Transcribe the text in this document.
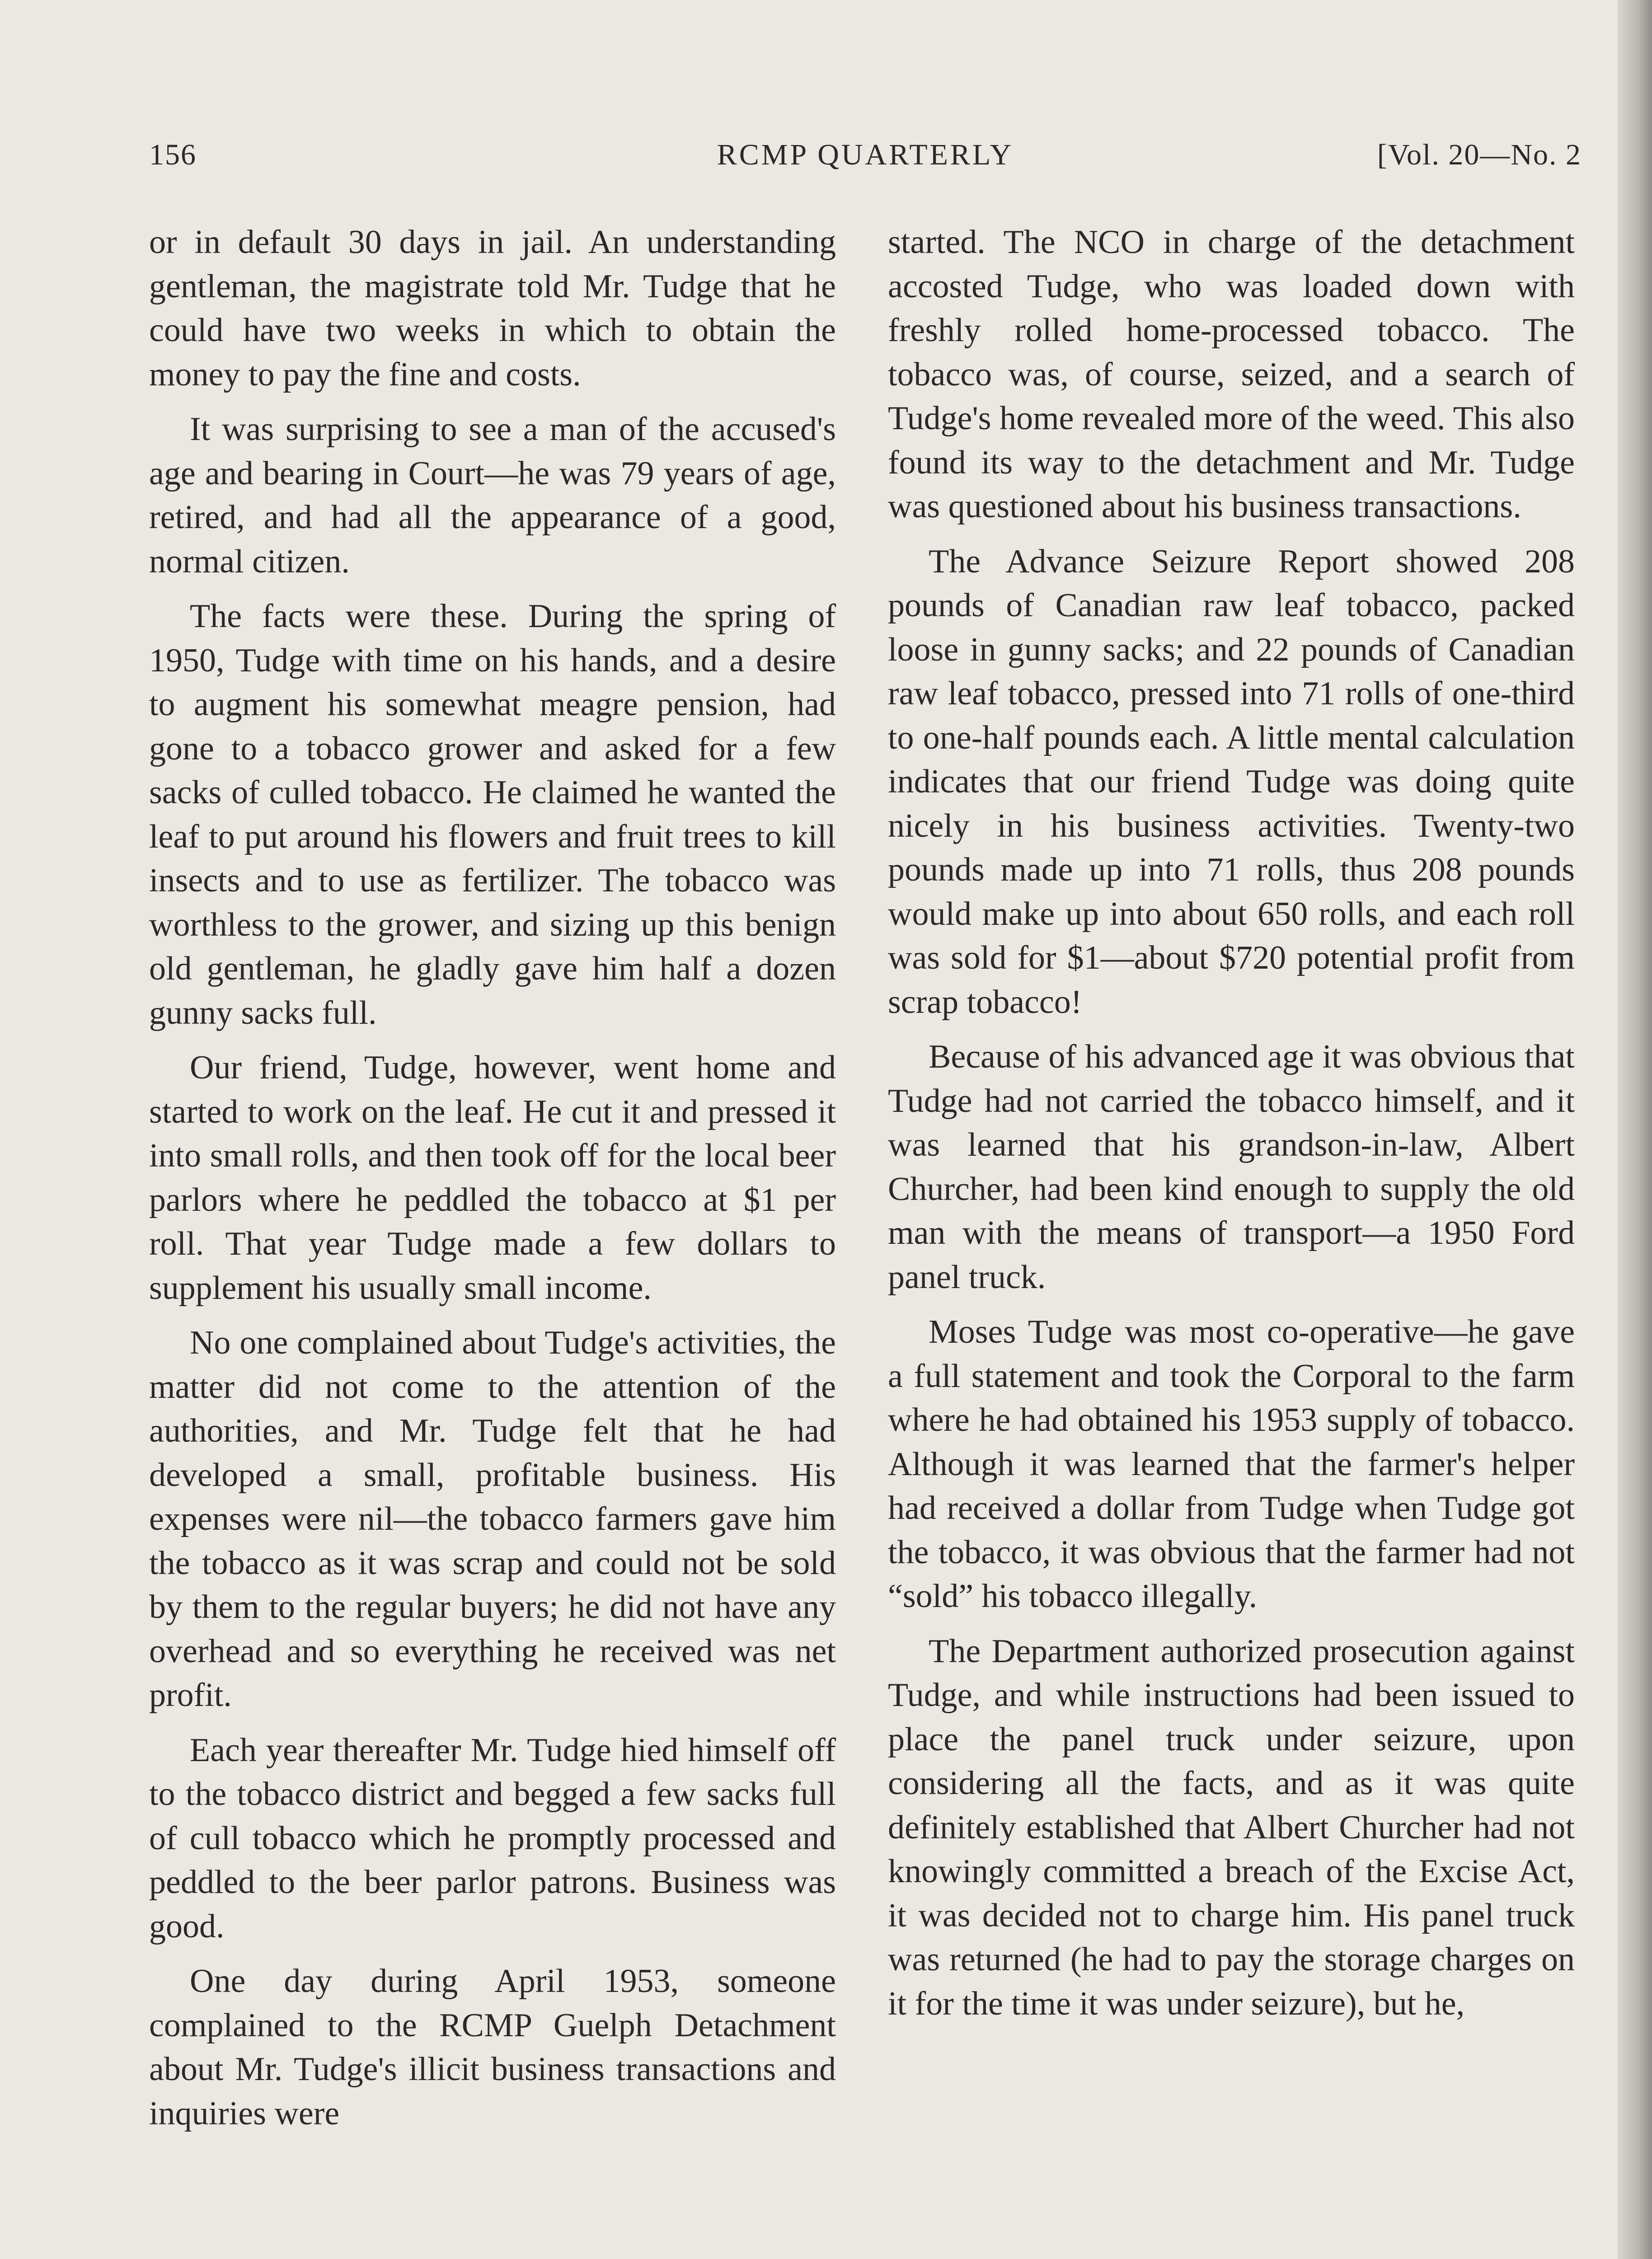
156	RCMP QUARTERLY	[Vol. 20—No. 2

or in default 30 days in jail. An understanding gentleman, the magistrate told Mr. Tudge that he could have two weeks in which to obtain the money to pay the fine and costs.

It was surprising to see a man of the accused's age and bearing in Court—he was 79 years of age, retired, and had all the appearance of a good, normal citizen.

The facts were these. During the spring of 1950, Tudge with time on his hands, and a desire to augment his somewhat meagre pension, had gone to a tobacco grower and asked for a few sacks of culled tobacco. He claimed he wanted the leaf to put around his flowers and fruit trees to kill insects and to use as fertilizer. The tobacco was worthless to the grower, and sizing up this benign old gentleman, he gladly gave him half a dozen gunny sacks full.

Our friend, Tudge, however, went home and started to work on the leaf. He cut it and pressed it into small rolls, and then took off for the local beer parlors where he peddled the tobacco at $1 per roll. That year Tudge made a few dollars to supplement his usually small income.

No one complained about Tudge's activities, the matter did not come to the attention of the authorities, and Mr. Tudge felt that he had developed a small, profitable business. His expenses were nil—the tobacco farmers gave him the tobacco as it was scrap and could not be sold by them to the regular buyers; he did not have any overhead and so everything he received was net profit.

Each year thereafter Mr. Tudge hied himself off to the tobacco district and begged a few sacks full of cull tobacco which he promptly processed and peddled to the beer parlor patrons. Business was good.

One day during April 1953, someone complained to the RCMP Guelph Detachment about Mr. Tudge's illicit business transactions and inquiries were

started. The NCO in charge of the detachment accosted Tudge, who was loaded down with freshly rolled home-processed tobacco. The tobacco was, of course, seized, and a search of Tudge's home revealed more of the weed. This also found its way to the detachment and Mr. Tudge was questioned about his business transactions.

The Advance Seizure Report showed 208 pounds of Canadian raw leaf tobacco, packed loose in gunny sacks; and 22 pounds of Canadian raw leaf tobacco, pressed into 71 rolls of one-third to one-half pounds each. A little mental calculation indicates that our friend Tudge was doing quite nicely in his business activities. Twenty-two pounds made up into 71 rolls, thus 208 pounds would make up into about 650 rolls, and each roll was sold for $1—about $720 potential profit from scrap tobacco!

Because of his advanced age it was obvious that Tudge had not carried the tobacco himself, and it was learned that his grandson-in-law, Albert Churcher, had been kind enough to supply the old man with the means of transport—a 1950 Ford panel truck.

Moses Tudge was most co-operative—he gave a full statement and took the Corporal to the farm where he had obtained his 1953 supply of tobacco. Although it was learned that the farmer's helper had received a dollar from Tudge when Tudge got the tobacco, it was obvious that the farmer had not “sold” his tobacco illegally.

The Department authorized prosecution against Tudge, and while instructions had been issued to place the panel truck under seizure, upon considering all the facts, and as it was quite definitely established that Albert Churcher had not knowingly committed a breach of the Excise Act, it was decided not to charge him. His panel truck was returned (he had to pay the storage charges on it for the time it was under seizure), but he,
